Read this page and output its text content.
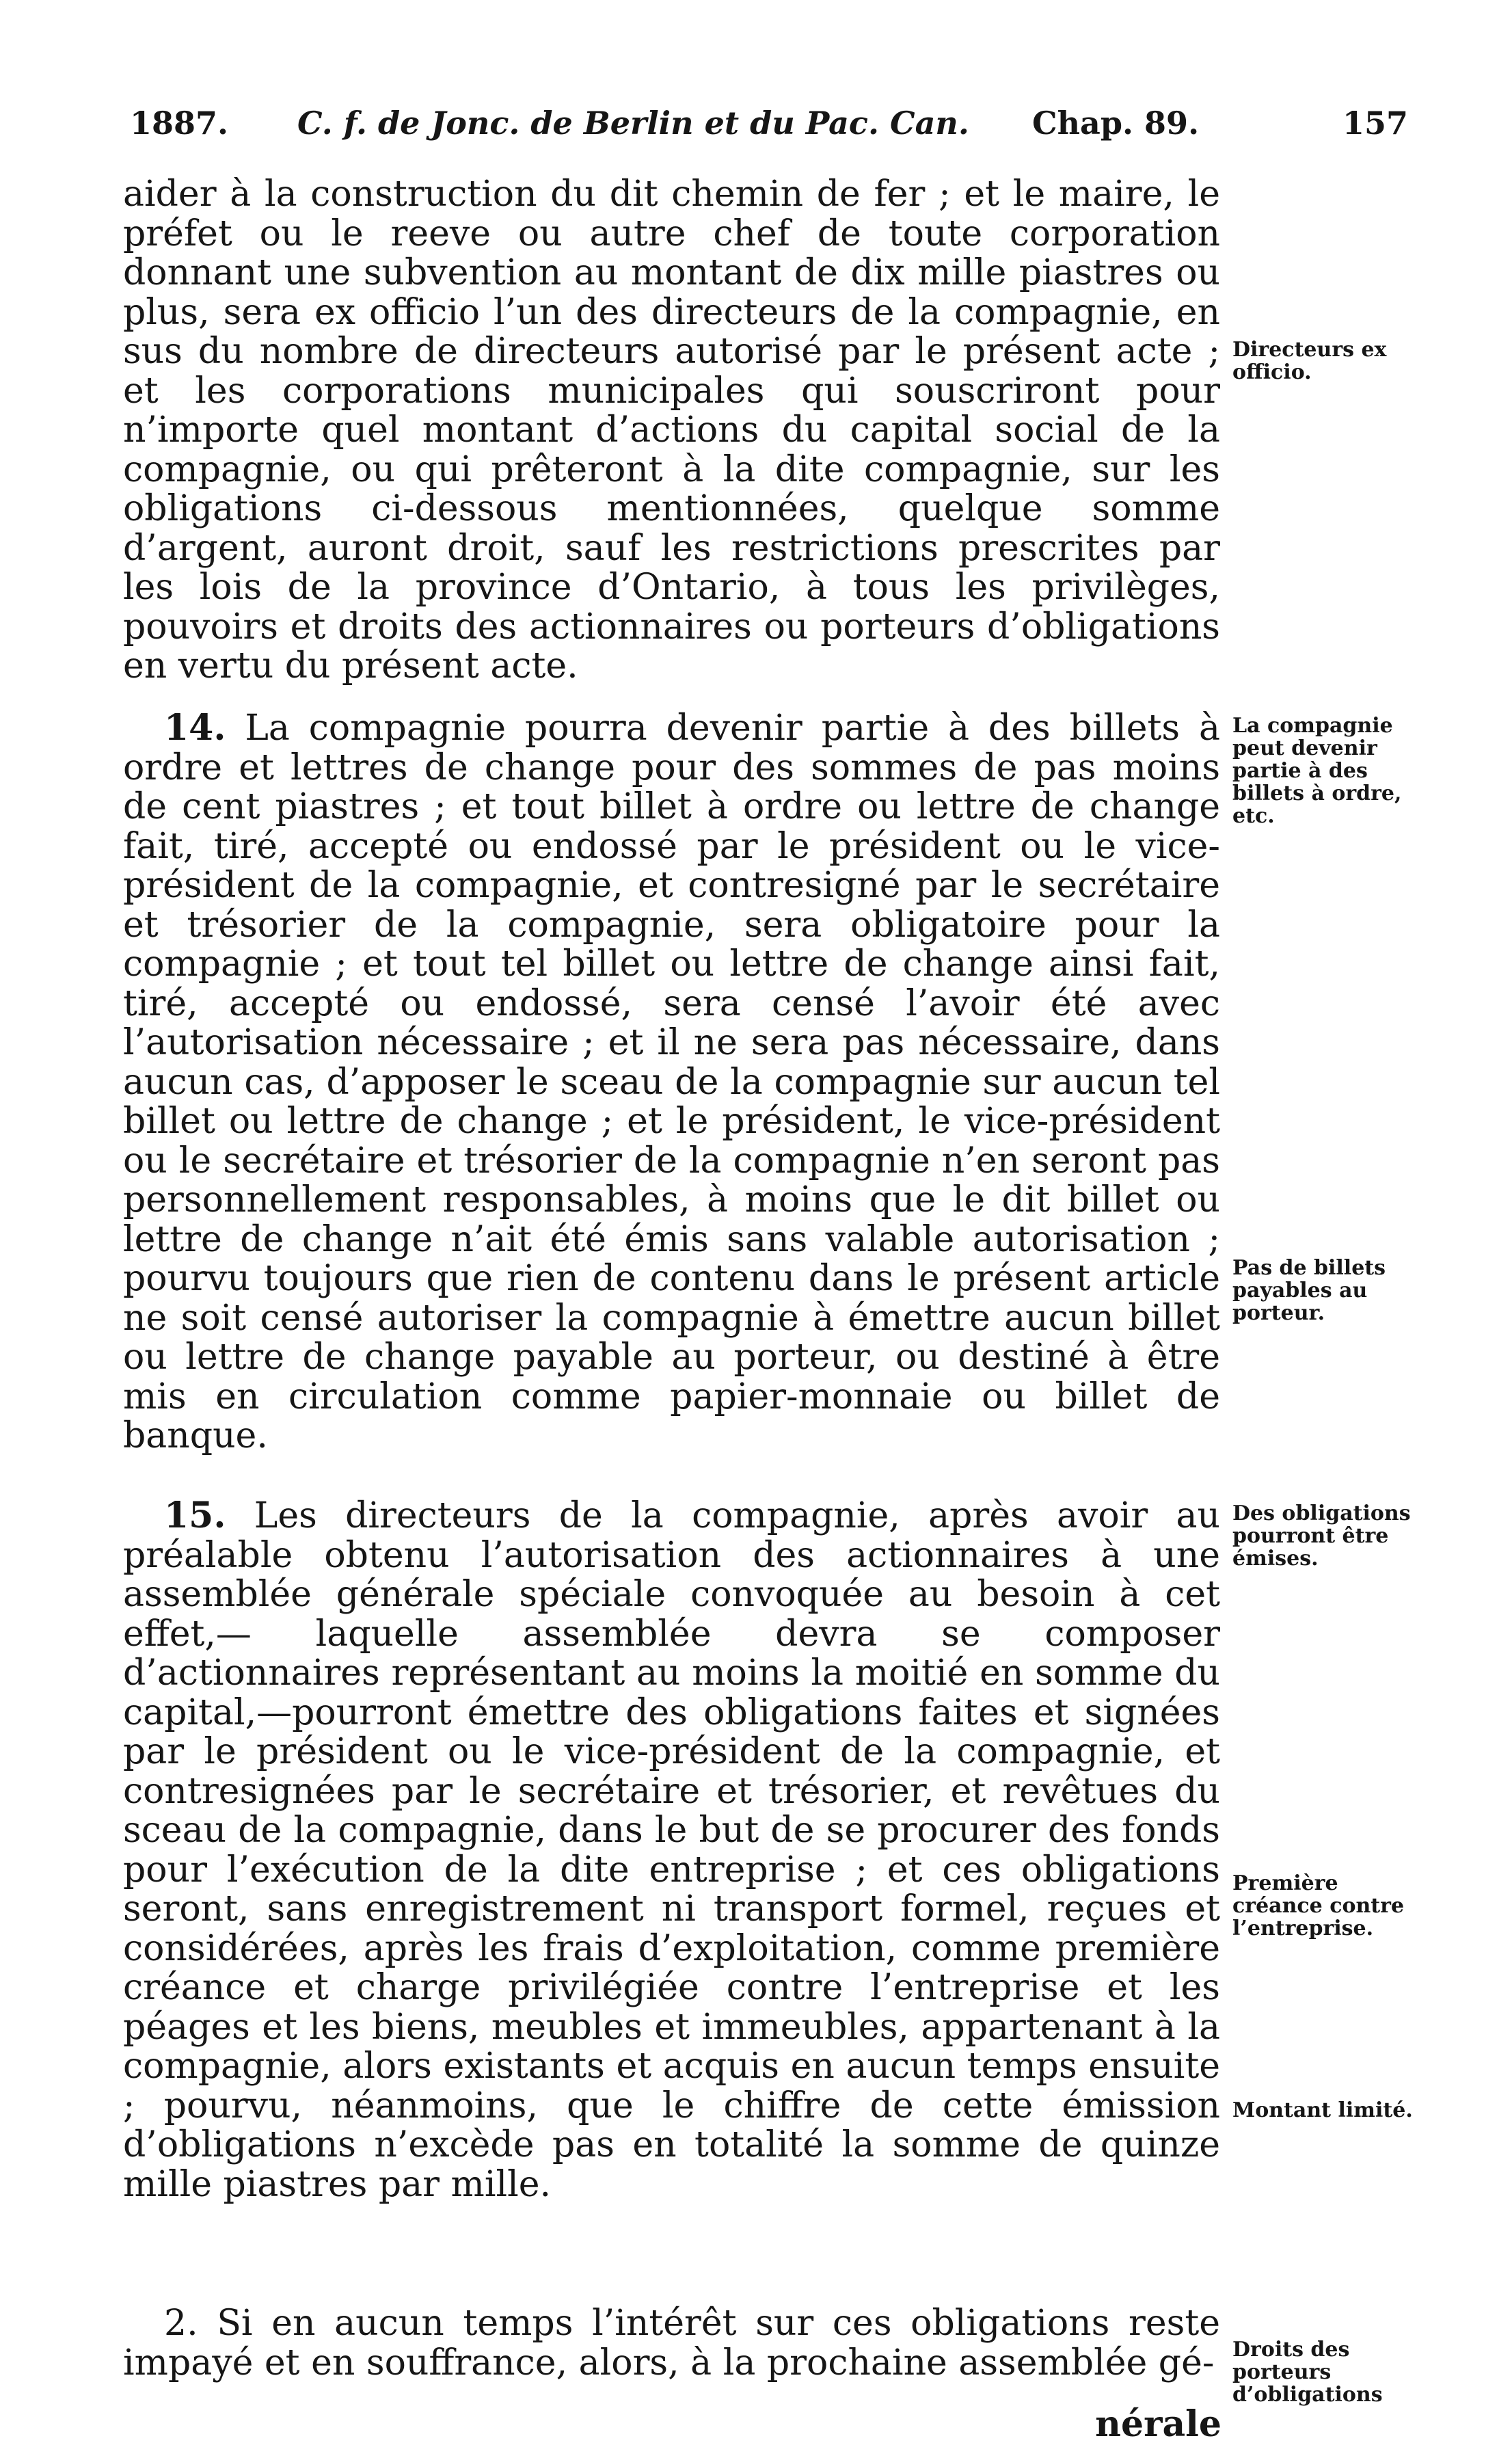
1887. C. f. de Jonc. de Berlin et du Pac. Can. Chap. 89.	157

aider à la construction du dit chemin de fer ; et le maire, le préfet ou le reeve ou autre chef de toute corporation donnant une subvention au montant de dix mille piastres ou plus, sera ex officio l’un des directeurs de la compagnie, en sus du nombre de directeurs autorisé par le présent acte ; et les corporations municipales qui souscriront pour n’importe quel montant d’actions du capital social de la compagnie, ou qui prêteront à la dite compagnie, sur les obligations ci-dessous mentionnées, quelque somme d’argent, auront droit, sauf les restrictions prescrites par les lois de la province d’Ontario, à tous les privilèges, pouvoirs et droits des actionnaires ou porteurs d’obligations en vertu du présent acte.

14. La compagnie pourra devenir partie à des billets à ordre et lettres de change pour des sommes de pas moins de cent piastres ; et tout billet à ordre ou lettre de change fait, tiré, accepté ou endossé par le président ou le vice-président de la compagnie, et contresigné par le secrétaire et trésorier de la compagnie, sera obligatoire pour la compagnie ; et tout tel billet ou lettre de change ainsi fait, tiré, accepté ou endossé, sera censé l’avoir été avec l’autorisation nécessaire ; et il ne sera pas nécessaire, dans aucun cas, d’apposer le sceau de la compagnie sur aucun tel billet ou lettre de change ; et le président, le vice-président ou le secrétaire et trésorier de la compagnie n’en seront pas personnellement responsables, à moins que le dit billet ou lettre de change n’ait été émis sans valable autorisation ; pourvu toujours que rien de contenu dans le présent article ne soit censé autoriser la compagnie à émettre aucun billet ou lettre de change payable au porteur, ou destiné à être mis en circulation comme papier-monnaie ou billet de banque.

15. Les directeurs de la compagnie, après avoir au préalable obtenu l’autorisation des actionnaires à une assemblée générale spéciale convoquée au besoin à cet effet,— laquelle assemblée devra se composer d’actionnaires représentant au moins la moitié en somme du capital,—pourront émettre des obligations faites et signées par le président ou le vice-président de la compagnie, et contresignées par le secrétaire et trésorier, et revêtues du sceau de la compagnie, dans le but de se procurer des fonds pour l’exécution de la dite entreprise ; et ces obligations seront, sans enregistrement ni transport formel, reçues et considérées, après les frais d’exploitation, comme première créance et charge privilégiée contre l’entreprise et les péages et les biens, meubles et immeubles, appartenant à la compagnie, alors existants et acquis en aucun temps ensuite ; pourvu, néanmoins, que le chiffre de cette émission d’obligations n’excède pas en totalité la somme de quinze mille piastres par mille.

2. Si en aucun temps l’intérêt sur ces obligations reste impayé et en souffrance, alors, à la prochaine assemblée gé-

nérale
Directeurs ex officio.
La compagnie peut devenir partie à des billets à ordre, etc.
Pas de billets payables au porteur.
Des obligations pourront être émises.
Première créance contre l’entreprise.
Montant limité.
Droits des porteurs d’obligations
